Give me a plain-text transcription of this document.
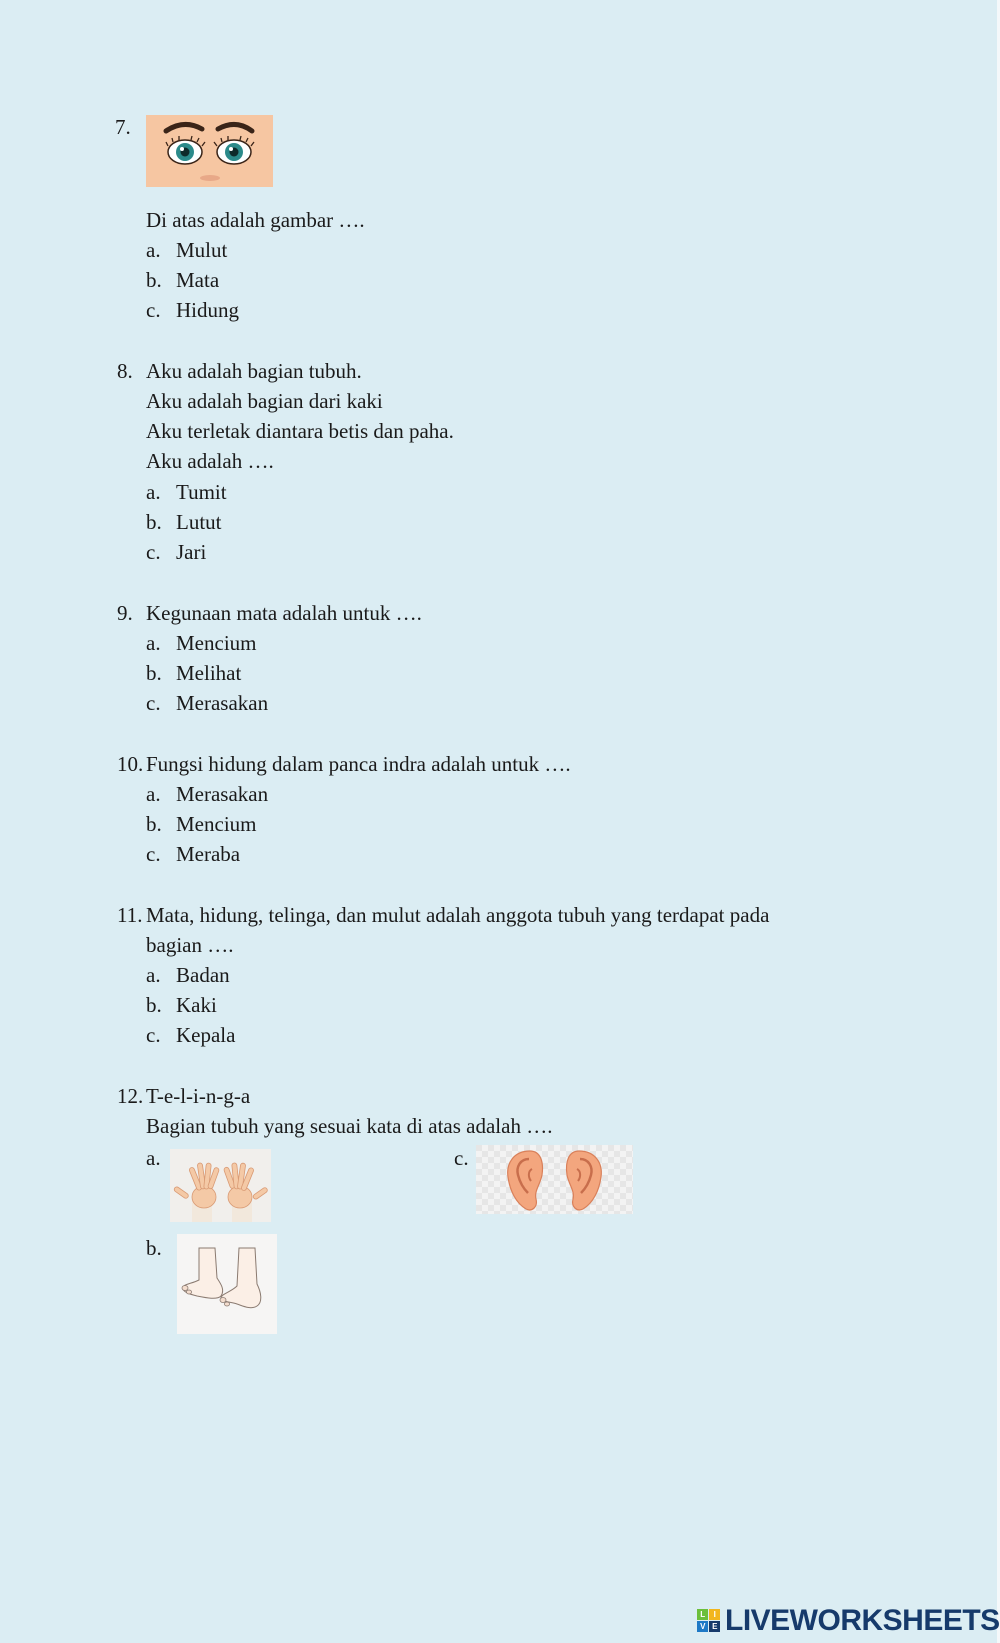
7.
Di atas adalah gambar ….
a. Mulut
b. Mata
c. Hidung
8. Aku adalah bagian tubuh.
Aku adalah bagian dari kaki
Aku terletak diantara betis dan paha.
Aku adalah ….
a. Tumit
b. Lutut
c. Jari
9. Kegunaan mata adalah untuk ….
a. Mencium
b. Melihat
c. Merasakan
10. Fungsi hidung dalam panca indra adalah untuk ….
a. Merasakan
b. Mencium
c. Meraba
11. Mata, hidung, telinga, dan mulut adalah anggota tubuh yang terdapat pada
bagian ….
a. Badan
b. Kaki
c. Kepala
12. T-e-l-i-n-g-a
Bagian tubuh yang sesuai kata di atas adalah ….
a.	c.
b.
L	I
V E LIVEWORKSHEETS
